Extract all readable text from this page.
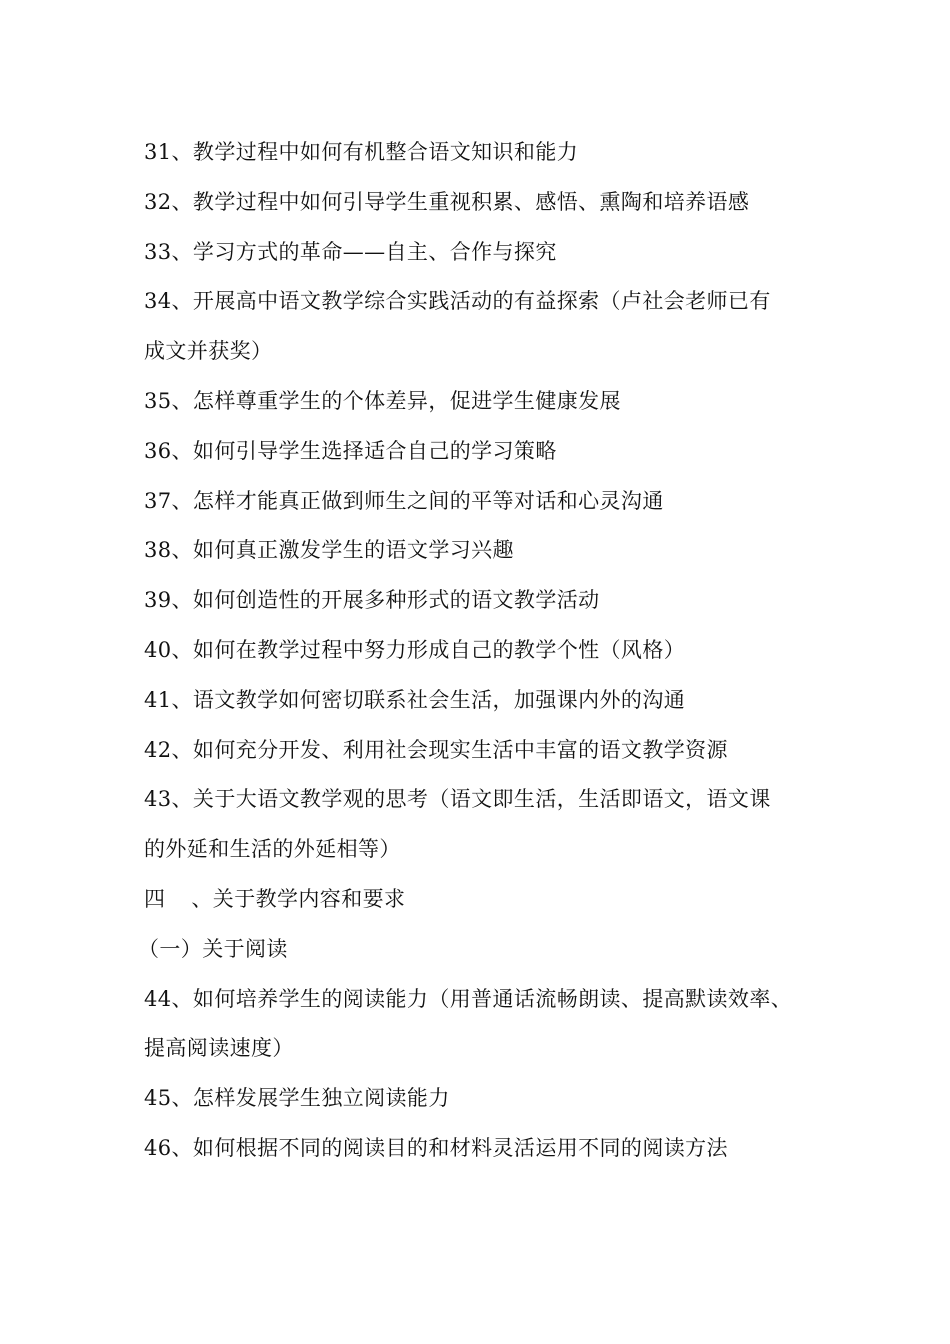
31、教学过程中如何有机整合语文知识和能力
32、教学过程中如何引导学生重视积累、感悟、熏陶和培养语感
33、学习方式的革命——自主、合作与探究
34、开展高中语文教学综合实践活动的有益探索（卢社会老师已有
成文并获奖）
35、怎样尊重学生的个体差异，促进学生健康发展
36、如何引导学生选择适合自己的学习策略
37、怎样才能真正做到师生之间的平等对话和心灵沟通
38、如何真正激发学生的语文学习兴趣
39、如何创造性的开展多种形式的语文教学活动
40、如何在教学过程中努力形成自己的教学个性（风格）
41、语文教学如何密切联系社会生活，加强课内外的沟通
42、如何充分开发、利用社会现实生活中丰富的语文教学资源
43、关于大语文教学观的思考（语文即生活，生活即语文，语文课
的外延和生活的外延相等）
四 、关于教学内容和要求
（一）关于阅读
44、如何培养学生的阅读能力（用普通话流畅朗读、提高默读效率、
提高阅读速度）
45、怎样发展学生独立阅读能力
46、如何根据不同的阅读目的和材料灵活运用不同的阅读方法
